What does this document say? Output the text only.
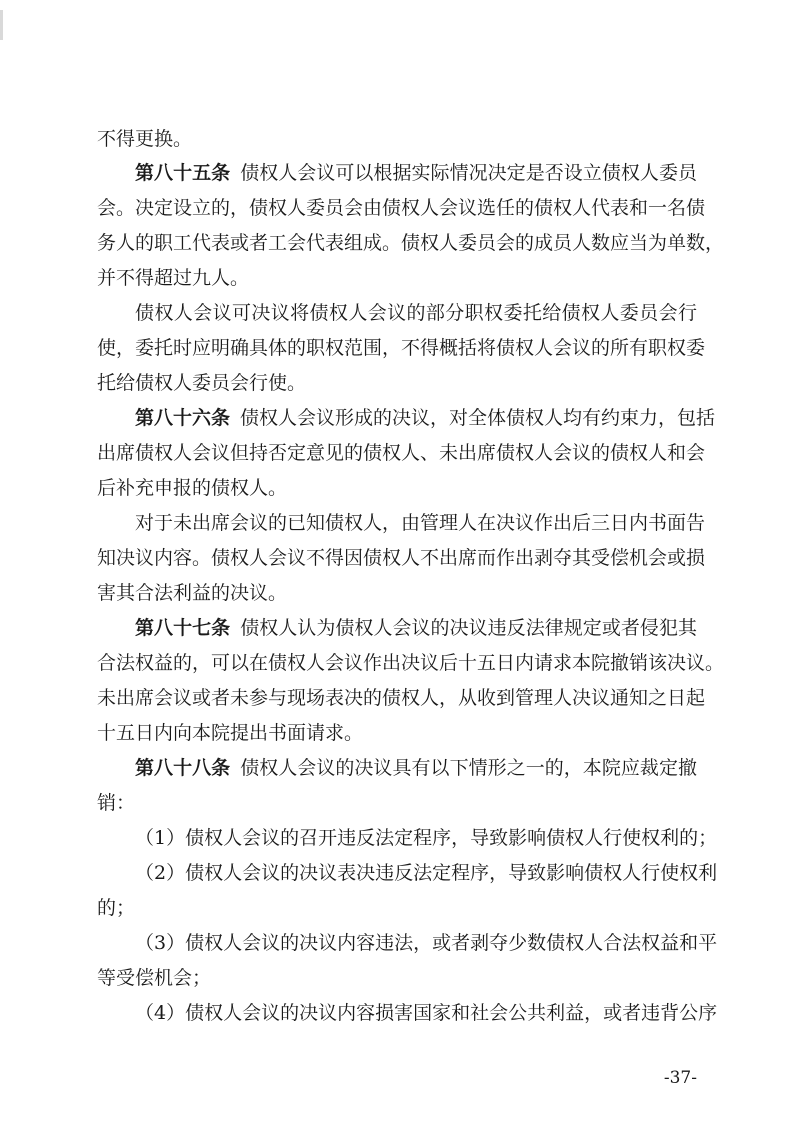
不得更换。
第八十五条 债权人会议可以根据实际情况决定是否设立债权人委员
会。决定设立的，债权人委员会由债权人会议选任的债权人代表和一名债
务人的职工代表或者工会代表组成。债权人委员会的成员人数应当为单数，
并不得超过九人。
债权人会议可决议将债权人会议的部分职权委托给债权人委员会行
使，委托时应明确具体的职权范围，不得概括将债权人会议的所有职权委
托给债权人委员会行使。
第八十六条 债权人会议形成的决议，对全体债权人均有约束力，包括
出席债权人会议但持否定意见的债权人、未出席债权人会议的债权人和会
后补充申报的债权人。
对于未出席会议的已知债权人，由管理人在决议作出后三日内书面告
知决议内容。债权人会议不得因债权人不出席而作出剥夺其受偿机会或损
害其合法利益的决议。
第八十七条 债权人认为债权人会议的决议违反法律规定或者侵犯其
合法权益的，可以在债权人会议作出决议后十五日内请求本院撤销该决议。
未出席会议或者未参与现场表决的债权人，从收到管理人决议通知之日起
十五日内向本院提出书面请求。
第八十八条 债权人会议的决议具有以下情形之一的，本院应裁定撤
销：
（1）债权人会议的召开违反法定程序，导致影响债权人行使权利的；
（2）债权人会议的决议表决违反法定程序，导致影响债权人行使权利
的；
（3）债权人会议的决议内容违法，或者剥夺少数债权人合法权益和平
等受偿机会；
（4）债权人会议的决议内容损害国家和社会公共利益，或者违背公序
-37-
